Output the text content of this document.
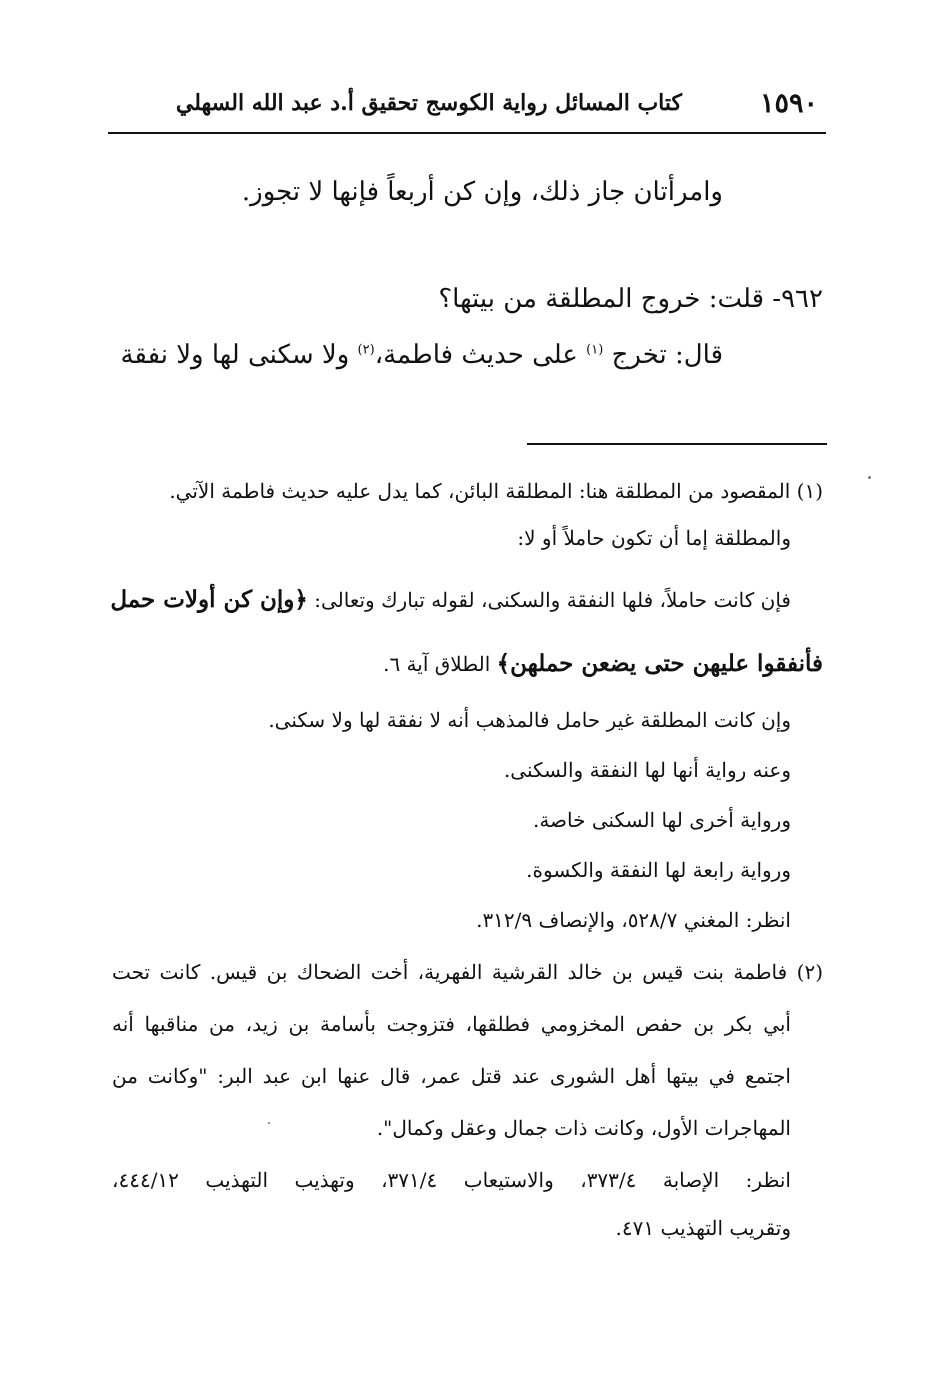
١٥٩٠
كتاب المسائل رواية الكوسج تحقيق أ.د عبد الله السهلي
وامرأتان جاز ذلك، وإن كن أربعاً فإنها لا تجوز.
٩٦٢- قلت: خروج المطلقة من بيتها؟
قال: تخرج $^{(١)}$ على حديث فاطمة،$^{(٢)}$ ولا سكنى لها ولا نفقة
(١) المقصود من المطلقة هنا: المطلقة البائن، كما يدل عليه حديث فاطمة الآتي.
والمطلقة إما أن تكون حاملاً أو لا:
فإن كانت حاملاً، فلها النفقة والسكنى، لقوله تبارك وتعالى: ﴿وإن كن أولات حمل
فأنفقوا عليهن حتى يضعن حملهن﴾ الطلاق آية ٦.
وإن كانت المطلقة غير حامل فالمذهب أنه لا نفقة لها ولا سكنى.
وعنه رواية أنها لها النفقة والسكنى.
ورواية أخرى لها السكنى خاصة.
ورواية رابعة لها النفقة والكسوة.
انظر: المغني ٥٢٨/٧، والإنصاف ٣١٢/٩.
(٢) فاطمة بنت قيس بن خالد القرشية الفهرية، أخت الضحاك بن قيس. كانت تحت
أبي بكر بن حفص المخزومي فطلقها، فتزوجت بأسامة بن زيد، من مناقبها أنه
اجتمع في بيتها أهل الشورى عند قتل عمر، قال عنها ابن عبد البر: "وكانت من
المهاجرات الأول، وكانت ذات جمال وعقل وكمال".
انظر: الإصابة ٣٧٣/٤، والاستيعاب ٣٧١/٤، وتهذيب التهذيب ٤٤٤/١٢،
وتقريب التهذيب ٤٧١.
